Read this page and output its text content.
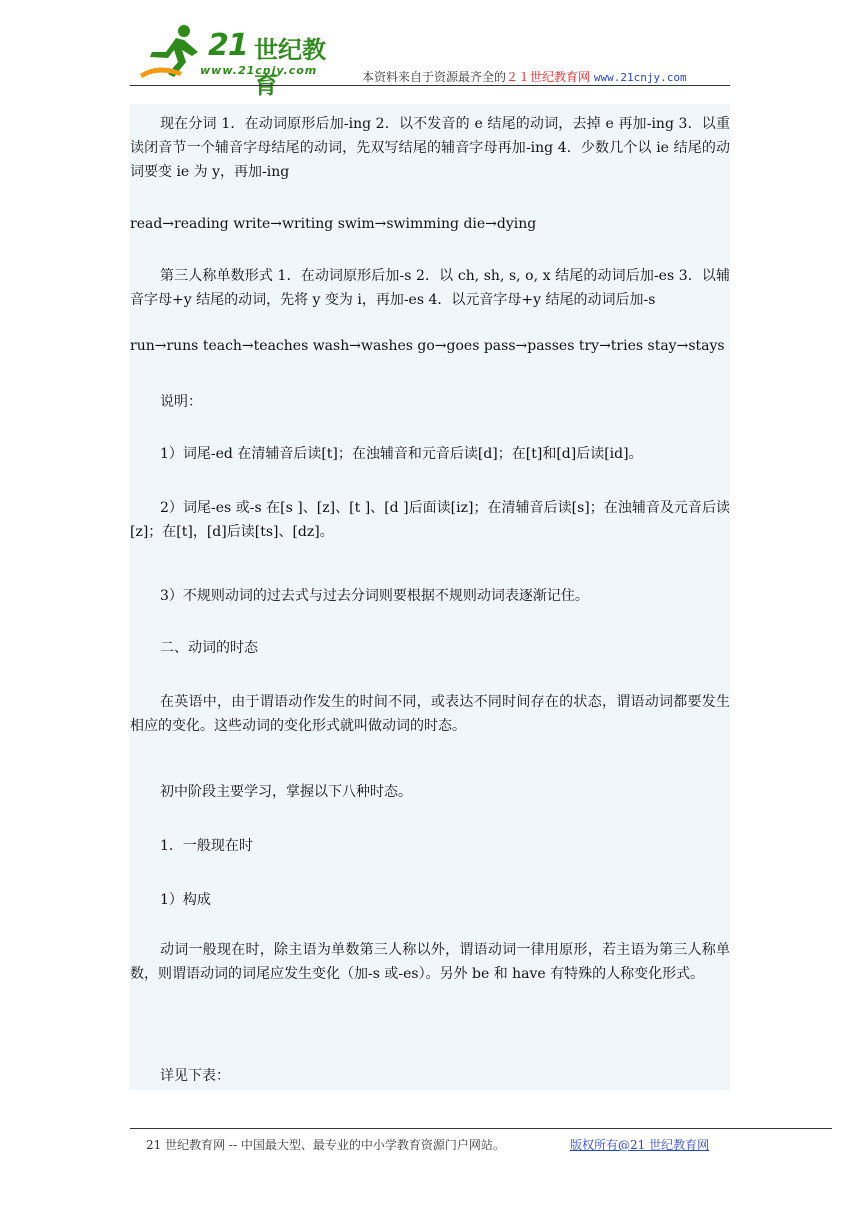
21 世纪教育
www.21cnjy.com	本资料来自于资源最齐全的２１世纪教育网 www.21cnjy.com
现在分词 1．在动词原形后加-ing 2．以不发音的 e 结尾的动词，去掉 e 再加-ing 3．以重读闭音节一个辅音字母结尾的动词，先双写结尾的辅音字母再加-ing 4．少数几个以 ie 结尾的动词要变 ie 为 y，再加-ing
read→reading write→writing swim→swimming die→dying
第三人称单数形式 1．在动词原形后加-s 2．以 ch, sh, s, o, x 结尾的动词后加-es 3．以辅音字母+y 结尾的动词，先将 y 变为 i，再加-es 4．以元音字母+y 结尾的动词后加-s
run→runs teach→teaches wash→washes go→goes pass→passes try→tries stay→stays
说明：
1）词尾-ed 在清辅音后读[t]；在浊辅音和元音后读[d]；在[t]和[d]后读[id]。
2）词尾-es 或-s 在[s ]、[z]、[t ]、[d ]后面读[iz]；在清辅音后读[s]；在浊辅音及元音后读[z]；在[t]，[d]后读[ts]、[dz]。
3）不规则动词的过去式与过去分词则要根据不规则动词表逐渐记住。
二、动词的时态
在英语中，由于谓语动作发生的时间不同，或表达不同时间存在的状态，谓语动词都要发生相应的变化。这些动词的变化形式就叫做动词的时态。
初中阶段主要学习，掌握以下八种时态。
1．一般现在时
1）构成
动词一般现在时，除主语为单数第三人称以外，谓语动词一律用原形，若主语为第三人称单数，则谓语动词的词尾应发生变化（加-s 或-es）。另外 be 和 have 有特殊的人称变化形式。
详见下表：
21 世纪教育网 -- 中国最大型、最专业的中小学教育资源门户网站。	版权所有@21 世纪教育网
